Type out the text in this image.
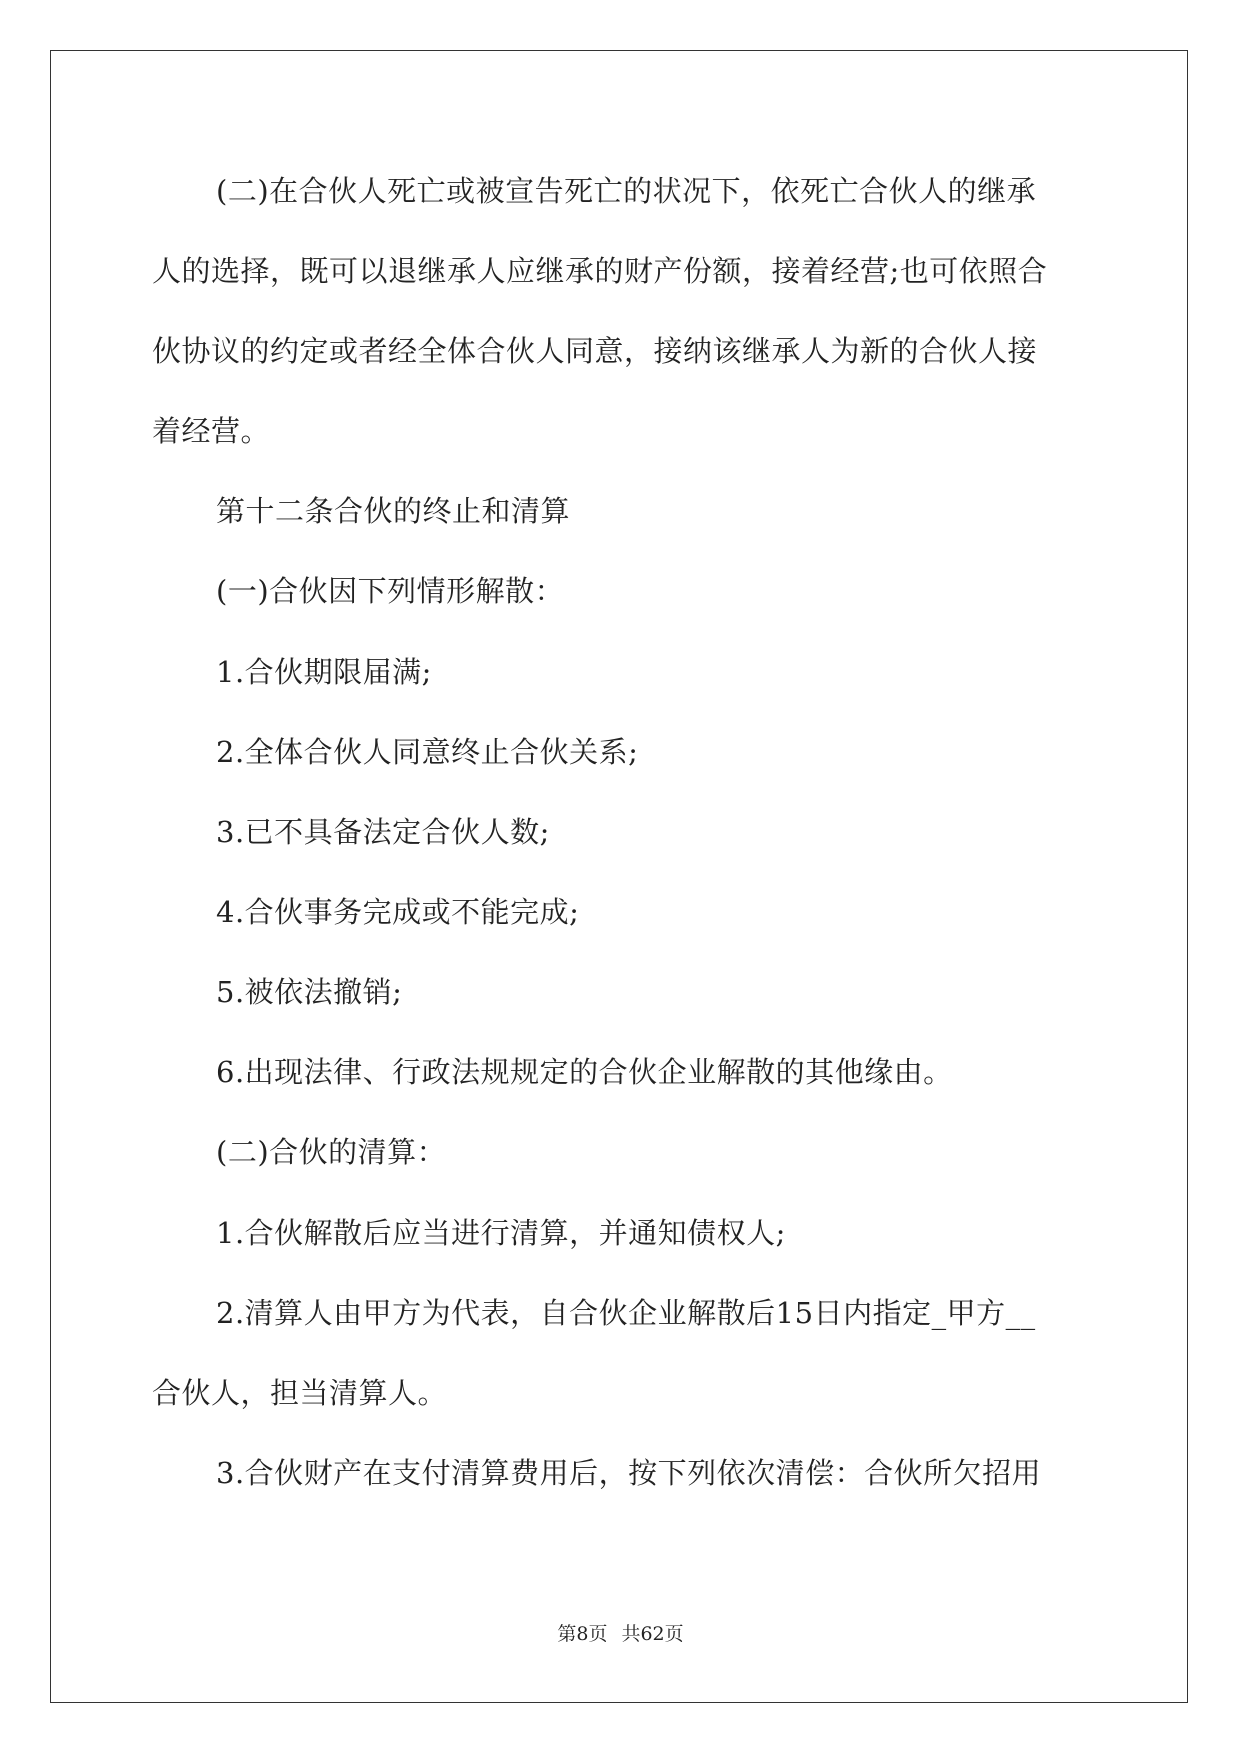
(二)在合伙人死亡或被宣告死亡的状况下，依死亡合伙人的继承
人的选择，既可以退继承人应继承的财产份额，接着经营;也可依照合
伙协议的约定或者经全体合伙人同意，接纳该继承人为新的合伙人接
着经营。
第十二条合伙的终止和清算
(一)合伙因下列情形解散：
1.合伙期限届满;
2.全体合伙人同意终止合伙关系;
3.已不具备法定合伙人数;
4.合伙事务完成或不能完成;
5.被依法撤销;
6.出现法律、行政法规规定的合伙企业解散的其他缘由。
(二)合伙的清算：
1.合伙解散后应当进行清算，并通知债权人;
2.清算人由甲方为代表，自合伙企业解散后15日内指定_甲方__
合伙人，担当清算人。
3.合伙财产在支付清算费用后，按下列依次清偿：合伙所欠招用
第8页 共62页
